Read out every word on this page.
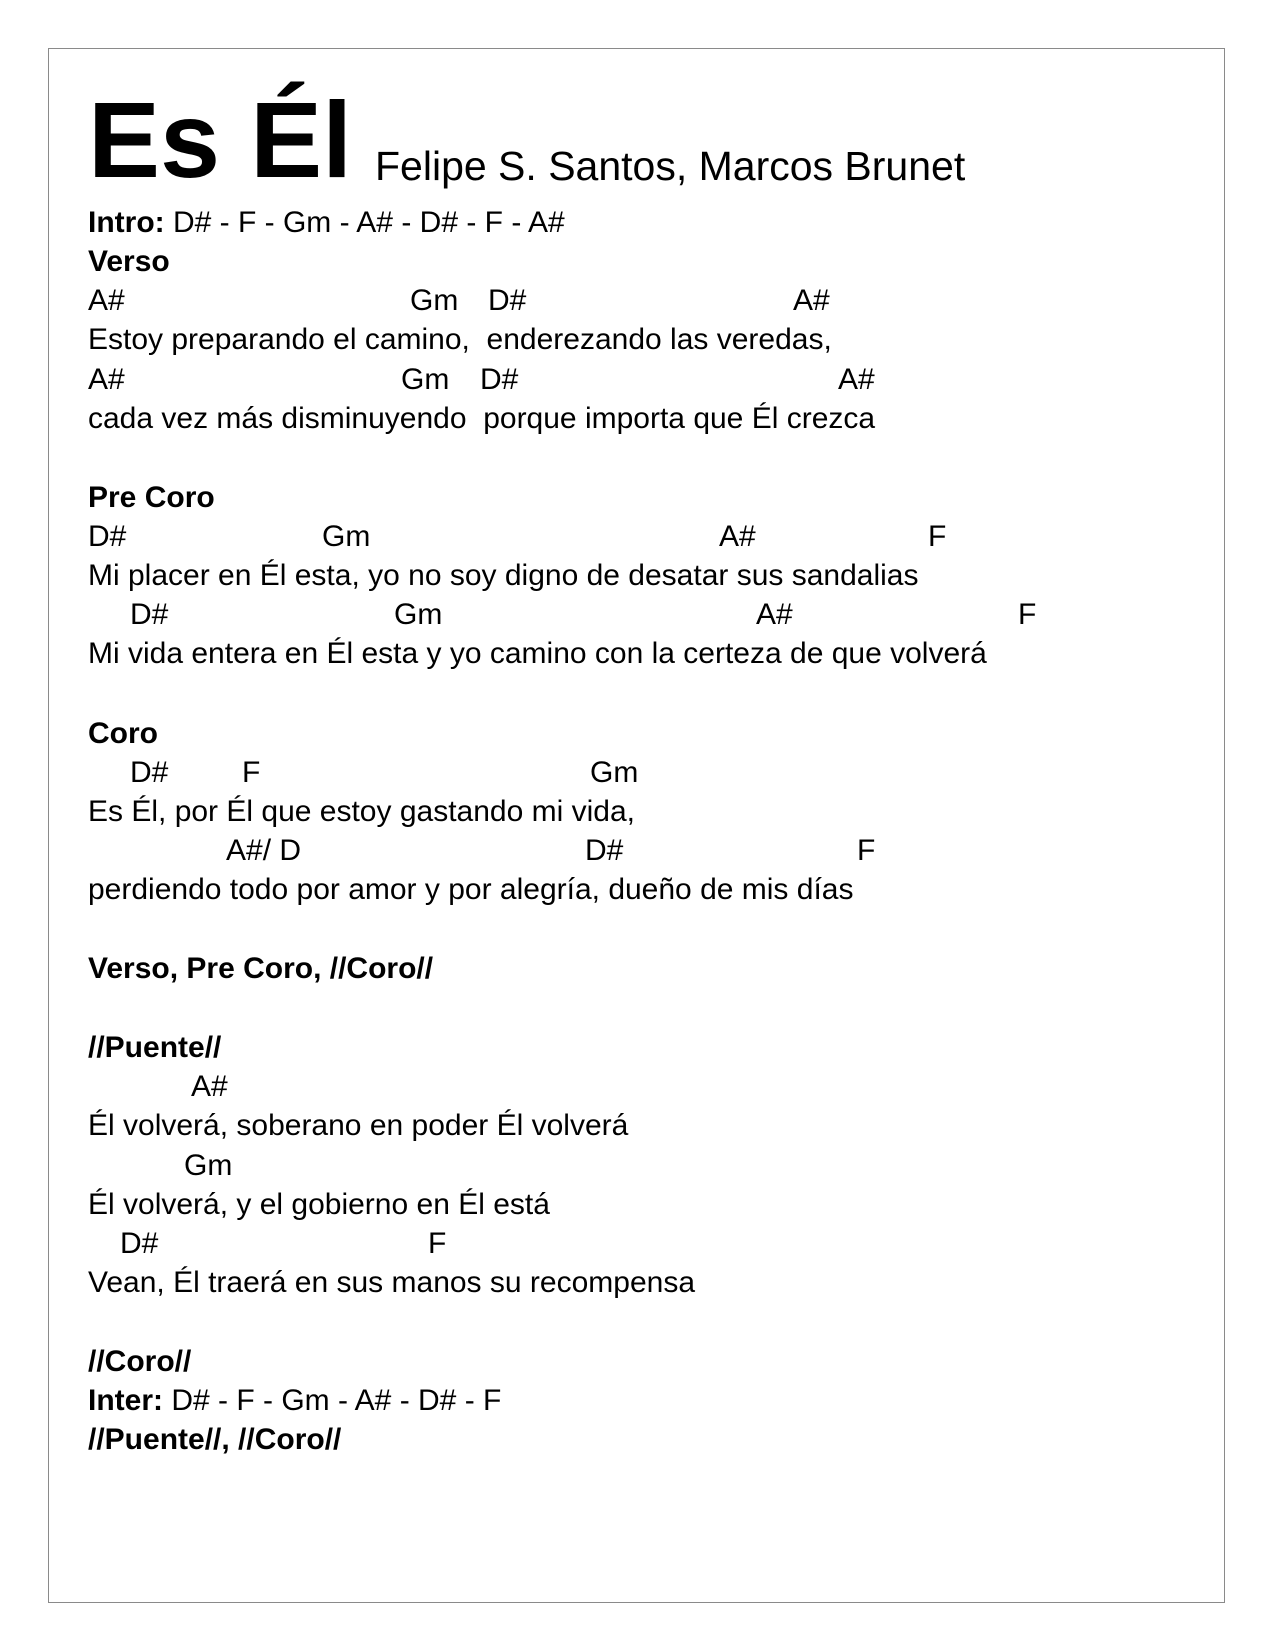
Es Él Felipe S. Santos, Marcos Brunet
Intro: D# - F - Gm - A# - D# - F - A#
Verso
A#	Gm D#	A#
Estoy preparando el camino,  enderezando las veredas,
A#	Gm D#	A#
cada vez más disminuyendo  porque importa que Él crezca
Pre Coro
D#	Gm	A#	F
Mi placer en Él esta, yo no soy digno de desatar sus sandalias
D#	Gm	A#	F
Mi vida entera en Él esta y yo camino con la certeza de que volverá
Coro
D# F	Gm
Es Él, por Él que estoy gastando mi vida,
A#/ D	D#	F
perdiendo todo por amor y por alegría, dueño de mis días
Verso, Pre Coro, //Coro//
//Puente//
A#
Él volverá, soberano en poder Él volverá
Gm
Él volverá, y el gobierno en Él está
D#	F
Vean, Él traerá en sus manos su recompensa
//Coro//
Inter: D# - F - Gm - A# - D# - F
//Puente//, //Coro//
